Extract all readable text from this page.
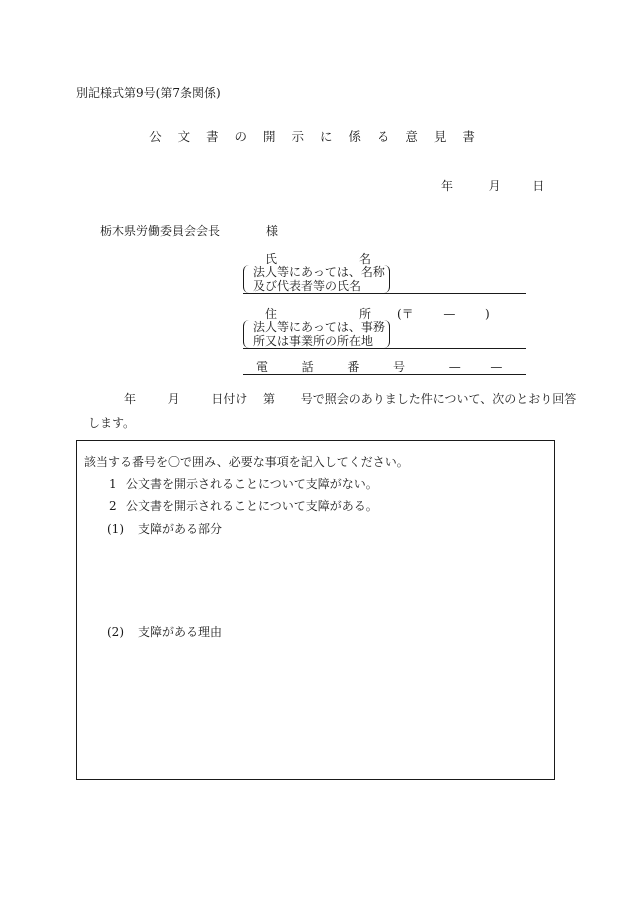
別記様式第9号(第7条関係)
公 文 書 の 開 示 に 係 る 意 見 書
年	月	日
栃木県労働委員会会長	様
氏	名
法人等にあっては、名称
及び代表者等の氏名
住	所 (〒 — )
法人等にあっては、事務
所又は事業所の所在地
電	話	番	号	— —
年	月	日付け 第 号で照会のありました件について、次のとおり回答
します。
該当する番号を〇で囲み、必要な事項を記入してください。
1 公文書を開示されることについて支障がない。
2 公文書を開示されることについて支障がある。
(1) 支障がある部分
(2) 支障がある理由
